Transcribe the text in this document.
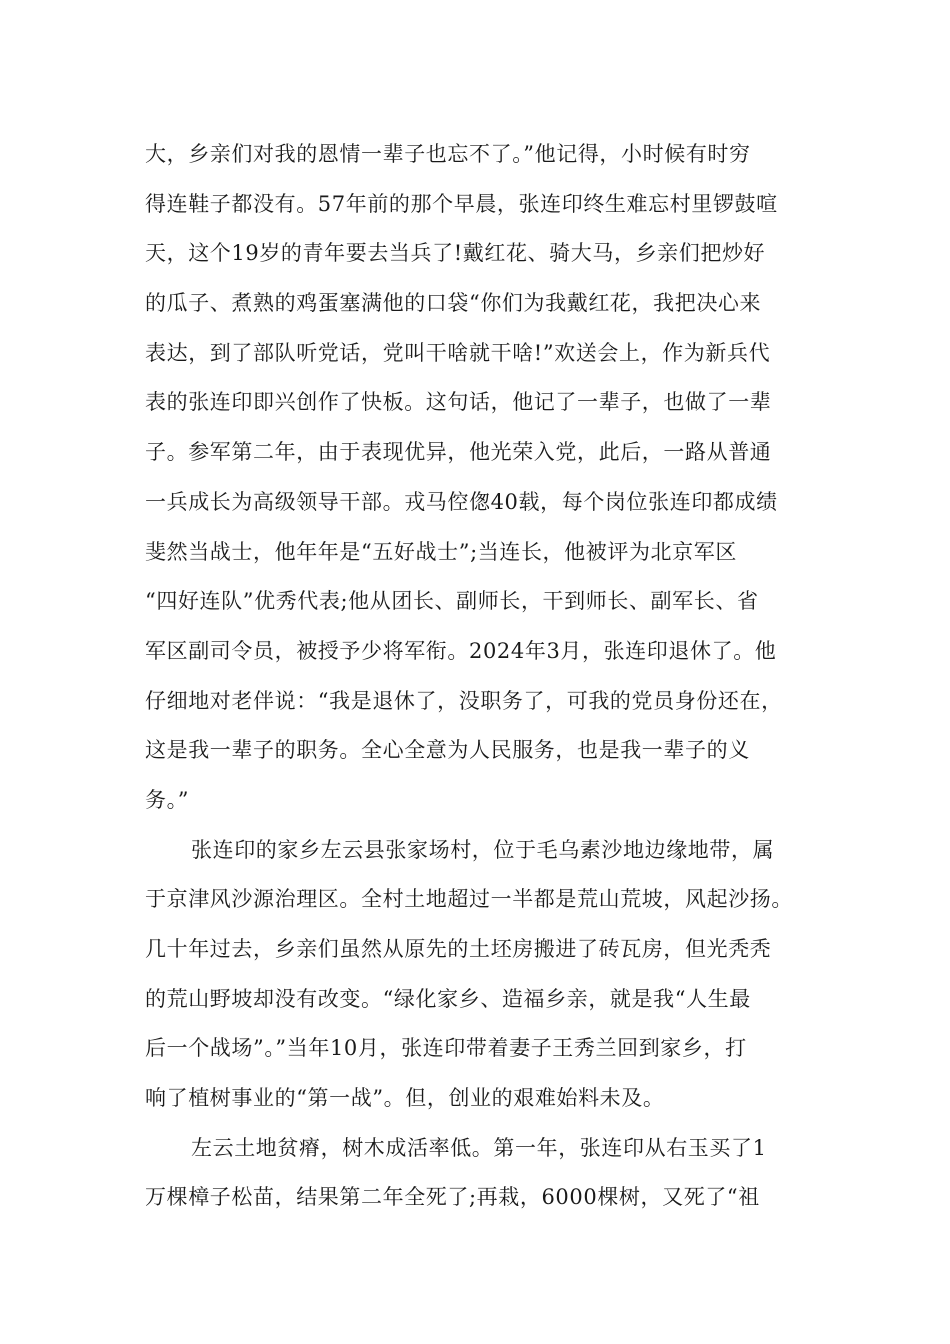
大，乡亲们对我的恩情一辈子也忘不了。”他记得，小时候有时穷
得连鞋子都没有。57年前的那个早晨，张连印终生难忘村里锣鼓喧
天，这个19岁的青年要去当兵了!戴红花、骑大马，乡亲们把炒好
的瓜子、煮熟的鸡蛋塞满他的口袋“你们为我戴红花，我把决心来
表达，到了部队听党话，党叫干啥就干啥!”欢送会上，作为新兵代
表的张连印即兴创作了快板。这句话，他记了一辈子，也做了一辈
子。参军第二年，由于表现优异，他光荣入党，此后，一路从普通
一兵成长为高级领导干部。戎马倥偬40载，每个岗位张连印都成绩
斐然当战士，他年年是“五好战士”;当连长，他被评为北京军区
“四好连队”优秀代表;他从团长、副师长，干到师长、副军长、省
军区副司令员，被授予少将军衔。2024年3月，张连印退休了。他
仔细地对老伴说：“我是退休了，没职务了，可我的党员身份还在，
这是我一辈子的职务。全心全意为人民服务，也是我一辈子的义
务。”
张连印的家乡左云县张家场村，位于毛乌素沙地边缘地带，属
于京津风沙源治理区。全村土地超过一半都是荒山荒坡，风起沙扬。
几十年过去，乡亲们虽然从原先的土坯房搬进了砖瓦房，但光秃秃
的荒山野坡却没有改变。“绿化家乡、造福乡亲，就是我“人生最
后一个战场”。”当年10月，张连印带着妻子王秀兰回到家乡，打
响了植树事业的“第一战”。但，创业的艰难始料未及。
左云土地贫瘠，树木成活率低。第一年，张连印从右玉买了1
万棵樟子松苗，结果第二年全死了;再栽，6000棵树，又死了“祖
